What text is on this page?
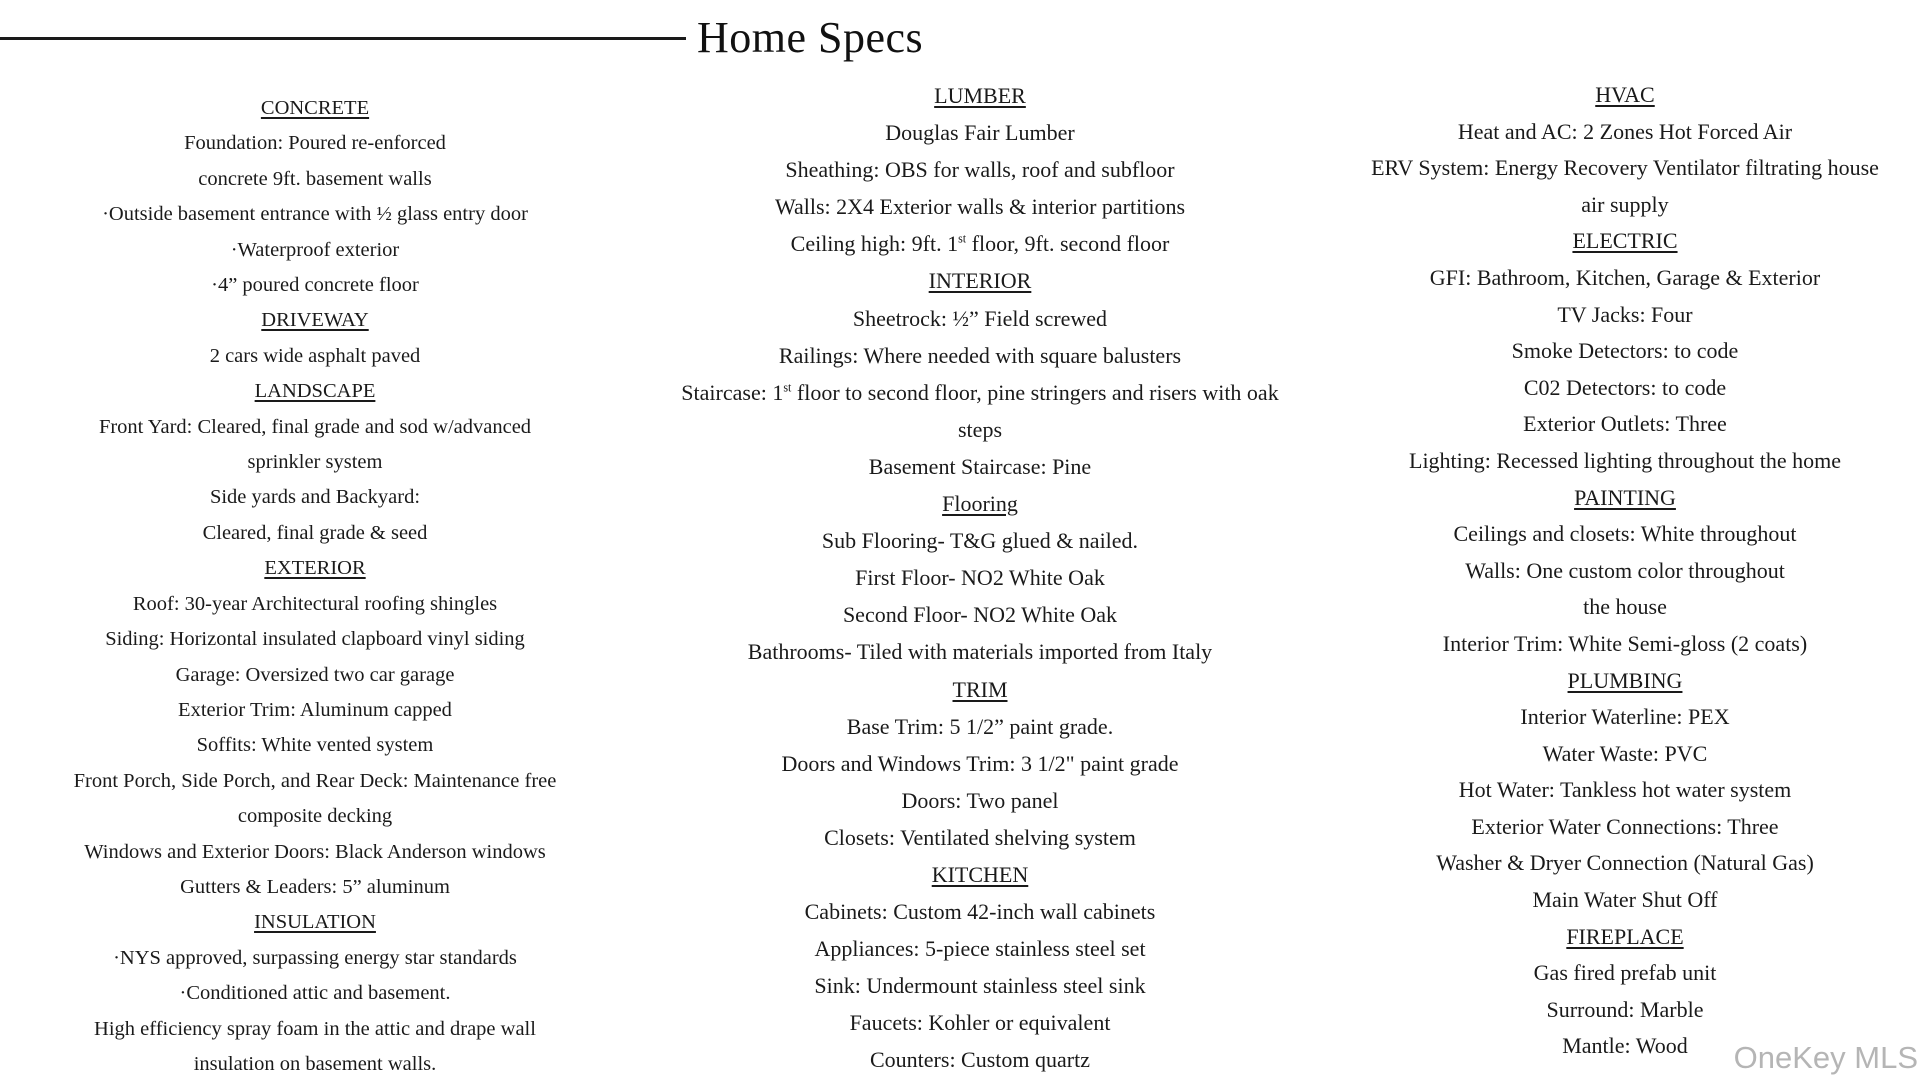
Home Specs
CONCRETE
Foundation: Poured re-enforced
concrete 9ft. basement walls
·Outside basement entrance with ½ glass entry door
·Waterproof exterior
·4” poured concrete floor
DRIVEWAY
2 cars wide asphalt paved
LANDSCAPE
Front Yard: Cleared, final grade and sod w/advanced
sprinkler system
Side yards and Backyard:
Cleared, final grade & seed
EXTERIOR
Roof: 30-year Architectural roofing shingles
Siding: Horizontal insulated clapboard vinyl siding
Garage: Oversized two car garage
Exterior Trim: Aluminum capped
Soffits: White vented system
Front Porch, Side Porch, and Rear Deck: Maintenance free
composite decking
Windows and Exterior Doors: Black Anderson windows
Gutters & Leaders: 5” aluminum
INSULATION
·NYS approved, surpassing energy star standards
·Conditioned attic and basement.
High efficiency spray foam in the attic and drape wall
insulation on basement walls.
LUMBER
Douglas Fair Lumber
Sheathing: OBS for walls, roof and subfloor
Walls: 2X4 Exterior walls & interior partitions
Ceiling high: 9ft. 1st floor, 9ft. second floor
INTERIOR
Sheetrock: ½” Field screwed
Railings: Where needed with square balusters
Staircase: 1st floor to second floor, pine stringers and risers with oak
steps
Basement Staircase: Pine
Flooring
Sub Flooring- T&G glued & nailed.
First Floor- NO2 White Oak
Second Floor- NO2 White Oak
Bathrooms- Tiled with materials imported from Italy
TRIM
Base Trim: 5 1/2” paint grade.
Doors and Windows Trim: 3 1/2" paint grade
Doors: Two panel
Closets: Ventilated shelving system
KITCHEN
Cabinets: Custom 42-inch wall cabinets
Appliances: 5-piece stainless steel set
Sink: Undermount stainless steel sink
Faucets: Kohler or equivalent
Counters: Custom quartz
HVAC
Heat and AC: 2 Zones Hot Forced Air
ERV System: Energy Recovery Ventilator filtrating house
air supply
ELECTRIC
GFI: Bathroom, Kitchen, Garage & Exterior
TV Jacks: Four
Smoke Detectors: to code
C02 Detectors: to code
Exterior Outlets: Three
Lighting: Recessed lighting throughout the home
PAINTING
Ceilings and closets: White throughout
Walls: One custom color throughout
the house
Interior Trim: White Semi-gloss (2 coats)
PLUMBING
Interior Waterline: PEX
Water Waste: PVC
Hot Water: Tankless hot water system
Exterior Water Connections: Three
Washer & Dryer Connection (Natural Gas)
Main Water Shut Off
FIREPLACE
Gas fired prefab unit
Surround: Marble
Mantle: Wood	OneKey MLS
